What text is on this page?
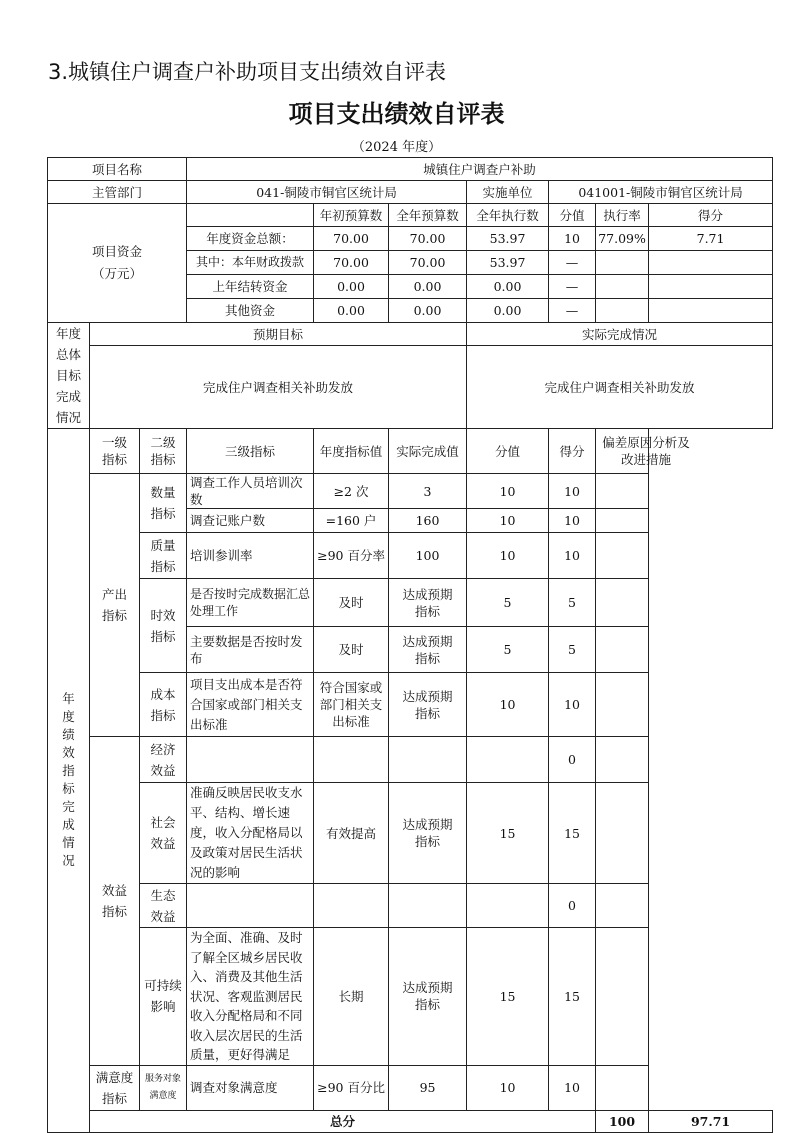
3.城镇住户调查户补助项目支出绩效自评表
项目支出绩效自评表
（2024 年度）
项目名称			城镇住户调查户补助							
主管部门			041-铜陵市铜官区统计局			实施单位	041001-铜陵市铜官区统计局			
项目资金（万元）				年初预算数	全年预算数	全年执行数	分值	执行率	得分	
			年度资金总额：	70.00	70.00	53.97	10	77.09%	7.71	
			其中：本年财政拨款	70.00	70.00	53.97	—			
			上年结转资金	0.00	0.00	0.00	—			
			其他资金	0.00	0.00	0.00	—			

年度总体目标完成情况	预期目标					实际完成情况				
	完成住户调查相关补助发放					完成住户调查相关补助发放				

年度绩效指标完成情况	一级指标	二级指标	三级指标	年度指标值	实际完成值	分值	得分	偏差原因分析及改进措施		

	产出指标	数量指标	调查工作人员培训次数	≥2 次	3	10	10			
			调查记账户数	=160 户	160	10	10			

		质量指标	培训参训率	≥90 百分率	100	10	10			

		时效指标	是否按时完成数据汇总处理工作	及时	达成预期指标	5	5			
			主要数据是否按时发布	及时	达成预期指标	5	5			

		成本指标	项目支出成本是否符合国家或部门相关支出标准	符合国家或部门相关支出标准	达成预期指标	10	10			

	效益指标	经济效益					0			

		社会效益	准确反映居民收支水平、结构、增长速度，收入分配格局以及政策对居民生活状况的影响	有效提高	达成预期指标	15	15			

		生态效益					0			

		可持续影响	为全面、准确、及时了解全区城乡居民收入、消费及其他生活状况、客观监测居民收入分配格局和不同收入层次居民的生活质量，更好得满足	长期	达成预期指标	15	15			

	满意度指标	服务对象满意度	调查对象满意度	≥90 百分比	95	10	10			
	总分							100	97.71	
